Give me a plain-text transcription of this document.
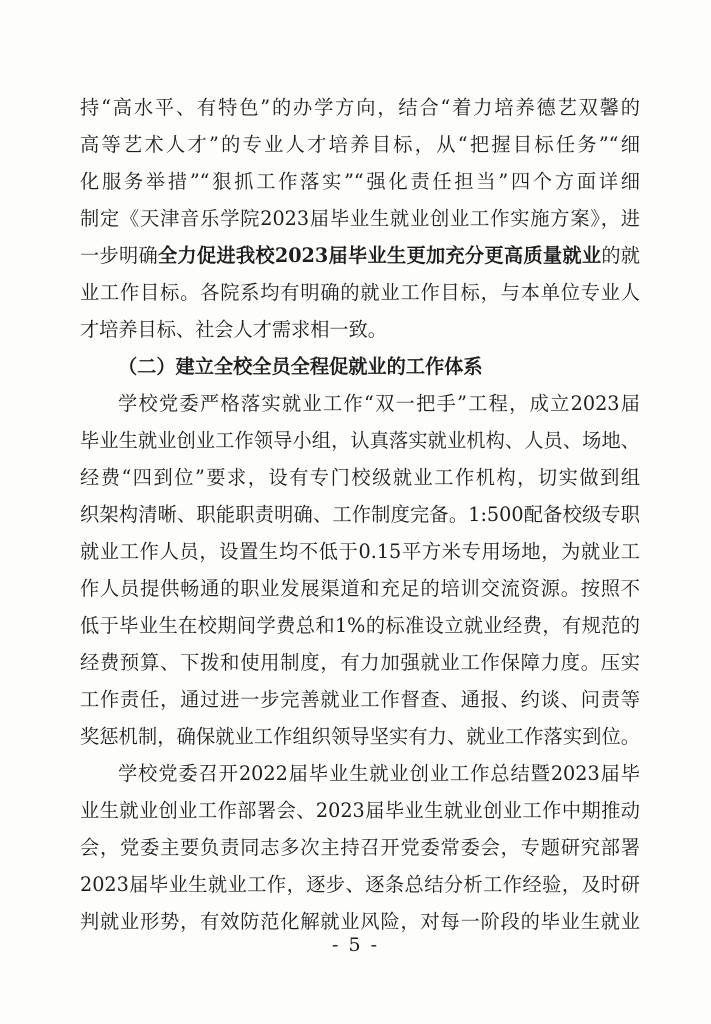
持“高水平、有特色”的办学方向，结合“着力培养德艺双馨的
高等艺术人才”的专业人才培养目标，从“把握目标任务”“细
化服务举措”“狠抓工作落实”“强化责任担当”四个方面详细
制定《天津音乐学院2023届毕业生就业创业工作实施方案》，进
一步明确全力促进我校2023届毕业生更加充分更高质量就业的就
业工作目标。各院系均有明确的就业工作目标，与本单位专业人
才培养目标、社会人才需求相一致。
（二）建立全校全员全程促就业的工作体系
学校党委严格落实就业工作“双一把手”工程，成立2023届
毕业生就业创业工作领导小组，认真落实就业机构、人员、场地、
经费“四到位”要求，设有专门校级就业工作机构，切实做到组
织架构清晰、职能职责明确、工作制度完备。1:500配备校级专职
就业工作人员，设置生均不低于0.15平方米专用场地，为就业工
作人员提供畅通的职业发展渠道和充足的培训交流资源。按照不
低于毕业生在校期间学费总和1%的标准设立就业经费，有规范的
经费预算、下拨和使用制度，有力加强就业工作保障力度。压实
工作责任，通过进一步完善就业工作督查、通报、约谈、问责等
奖惩机制，确保就业工作组织领导坚实有力、就业工作落实到位。
学校党委召开2022届毕业生就业创业工作总结暨2023届毕
业生就业创业工作部署会、2023届毕业生就业创业工作中期推动
会，党委主要负责同志多次主持召开党委常委会，专题研究部署
2023届毕业生就业工作，逐步、逐条总结分析工作经验，及时研
判就业形势，有效防范化解就业风险，对每一阶段的毕业生就业
- 5 -
